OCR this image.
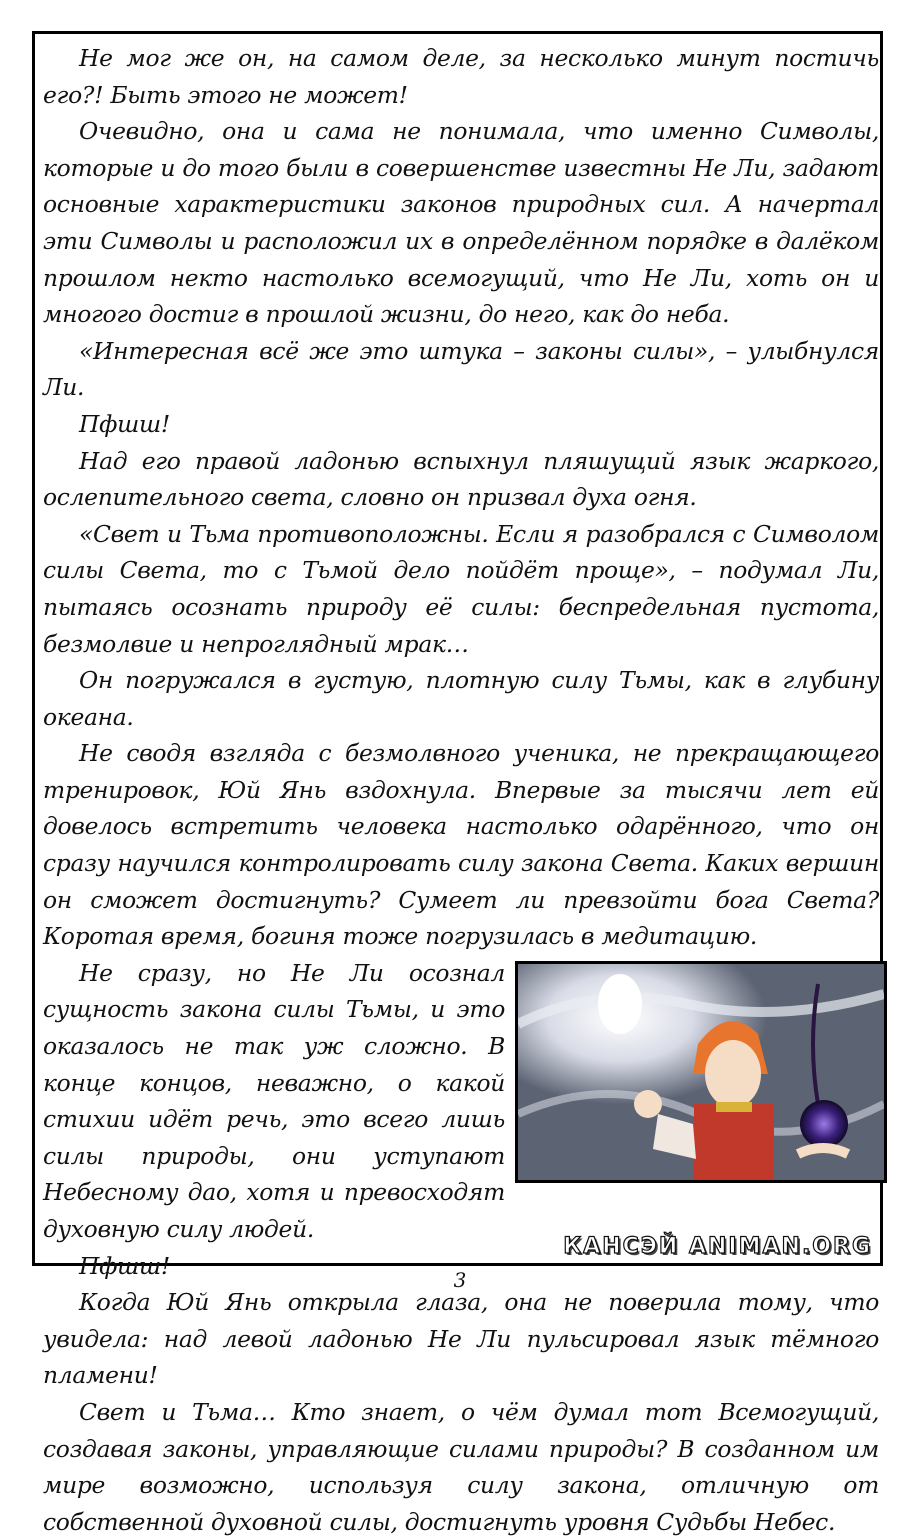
Не мог же он, на самом деле, за несколько минут постичь его?! Быть этого не может!

Очевидно, она и сама не понимала, что именно Символы, которые и до того были в совершенстве известны Не Ли, задают основные характеристики законов природных сил. А начертал эти Символы и расположил их в определённом порядке в далёком прошлом некто настолько всемогущий, что Не Ли, хоть он и многого достиг в прошлой жизни, до него, как до неба.

«Интересная всё же это штука – законы силы», – улыбнулся Ли.

Пфшш!

Над его правой ладонью вспыхнул пляшущий язык жаркого, ослепительного света, словно он призвал духа огня.

«Свет и Тьма противоположны. Если я разобрался с Символом силы Света, то с Тьмой дело пойдёт проще», – подумал Ли, пытаясь осознать природу её силы: беспредельная пустота, безмолвие и непроглядный мрак…

Он погружался в густую, плотную силу Тьмы, как в глубину океана.

Не сводя взгляда с безмолвного ученика, не прекращающего тренировок, Юй Янь вздохнула. Впервые за тысячи лет ей довелось встретить человека настолько одарённого, что он сразу научился контролировать силу закона Света. Каких вершин он сможет достигнуть? Сумеет ли превзойти бога Света? Коротая время, богиня тоже погрузилась в медитацию.

Не сразу, но Не Ли осознал сущность закона силы Тьмы, и это оказалось не так уж сложно. В конце концов, неважно, о какой стихии идёт речь, это всего лишь силы природы, они уступают Небесному дао, хотя и превосходят духовную силу людей.

Пфшш!

Когда Юй Янь открыла глаза, она не поверила тому, что увидела: над левой ладонью Не Ли пульсировал язык тёмного пламени!

Свет и Тьма… Кто знает, о чём думал тот Всемогущий, создавая законы, управляющие силами природы? В созданном им мире возможно, используя силу закона, отличную от собственной духовной силы, достигнуть уровня Судьбы Небес.

КАНСЭЙ ANIMAN.ORG
3
